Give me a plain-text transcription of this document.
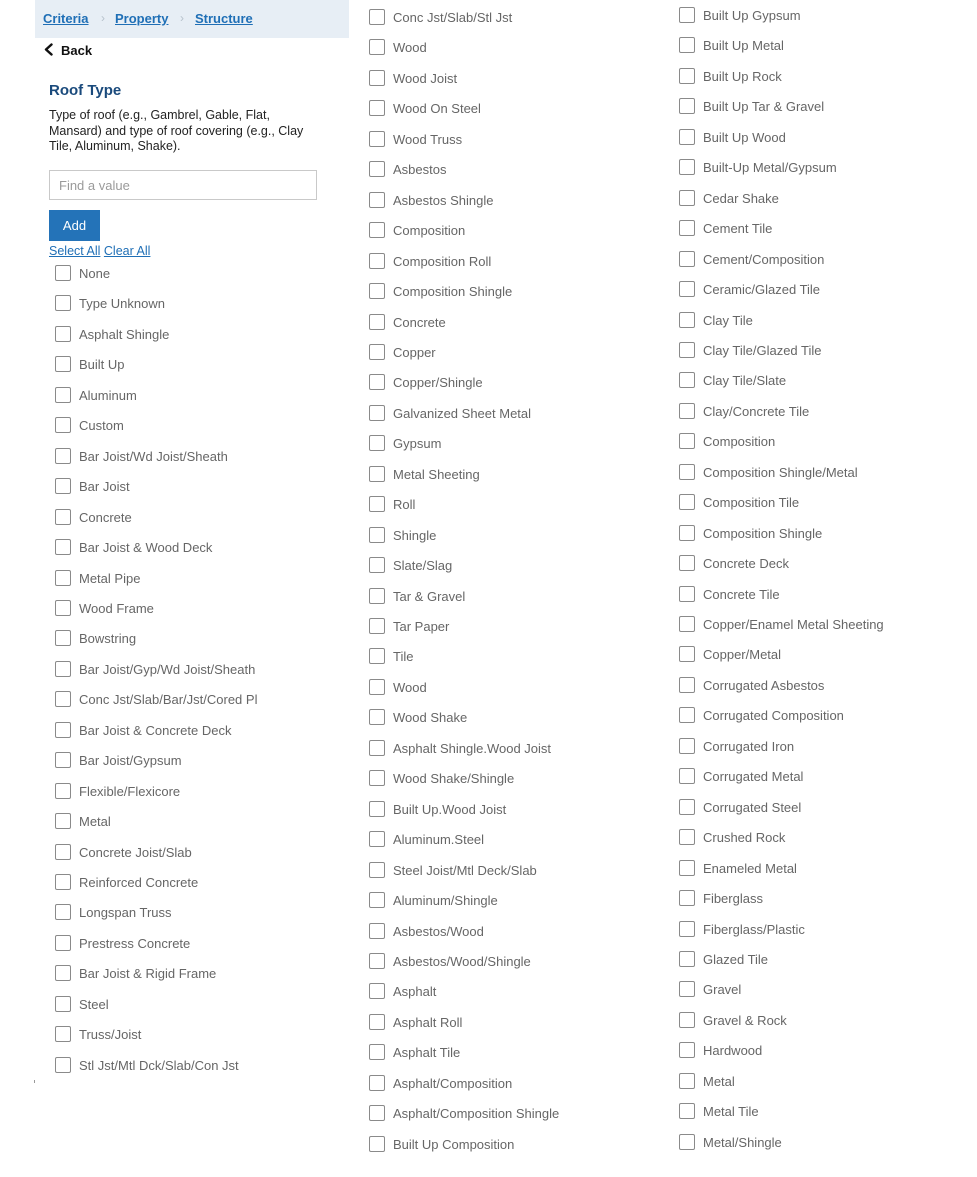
Criteria › Property › Structure
Back
Roof Type
Type of roof (e.g., Gambrel, Gable, Flat, Mansard) and type of roof covering (e.g., Clay Tile, Aluminum, Shake).
Find a value
Add
Select All Clear All
None
Type Unknown
Asphalt Shingle
Built Up
Aluminum
Custom
Bar Joist/Wd Joist/Sheath
Bar Joist
Concrete
Bar Joist & Wood Deck
Metal Pipe
Wood Frame
Bowstring
Bar Joist/Gyp/Wd Joist/Sheath
Conc Jst/Slab/Bar/Jst/Cored Pl
Bar Joist & Concrete Deck
Bar Joist/Gypsum
Flexible/Flexicore
Metal
Concrete Joist/Slab
Reinforced Concrete
Longspan Truss
Prestress Concrete
Bar Joist & Rigid Frame
Steel
Truss/Joist
Stl Jst/Mtl Dck/Slab/Con Jst
Conc Jst/Slab/Stl Jst
Wood
Wood Joist
Wood On Steel
Wood Truss
Asbestos
Asbestos Shingle
Composition
Composition Roll
Composition Shingle
Concrete
Copper
Copper/Shingle
Galvanized Sheet Metal
Gypsum
Metal Sheeting
Roll
Shingle
Slate/Slag
Tar & Gravel
Tar Paper
Tile
Wood
Wood Shake
Asphalt Shingle.Wood Joist
Wood Shake/Shingle
Built Up.Wood Joist
Aluminum.Steel
Steel Joist/Mtl Deck/Slab
Aluminum/Shingle
Asbestos/Wood
Asbestos/Wood/Shingle
Asphalt
Asphalt Roll
Asphalt Tile
Asphalt/Composition
Asphalt/Composition Shingle
Built Up Composition
Built Up Gypsum
Built Up Metal
Built Up Rock
Built Up Tar & Gravel
Built Up Wood
Built-Up Metal/Gypsum
Cedar Shake
Cement Tile
Cement/Composition
Ceramic/Glazed Tile
Clay Tile
Clay Tile/Glazed Tile
Clay Tile/Slate
Clay/Concrete Tile
Composition
Composition Shingle/Metal
Composition Tile
Composition Shingle
Concrete Deck
Concrete Tile
Copper/Enamel Metal Sheeting
Copper/Metal
Corrugated Asbestos
Corrugated Composition
Corrugated Iron
Corrugated Metal
Corrugated Steel
Crushed Rock
Enameled Metal
Fiberglass
Fiberglass/Plastic
Glazed Tile
Gravel
Gravel & Rock
Hardwood
Metal
Metal Tile
Metal/Shingle
